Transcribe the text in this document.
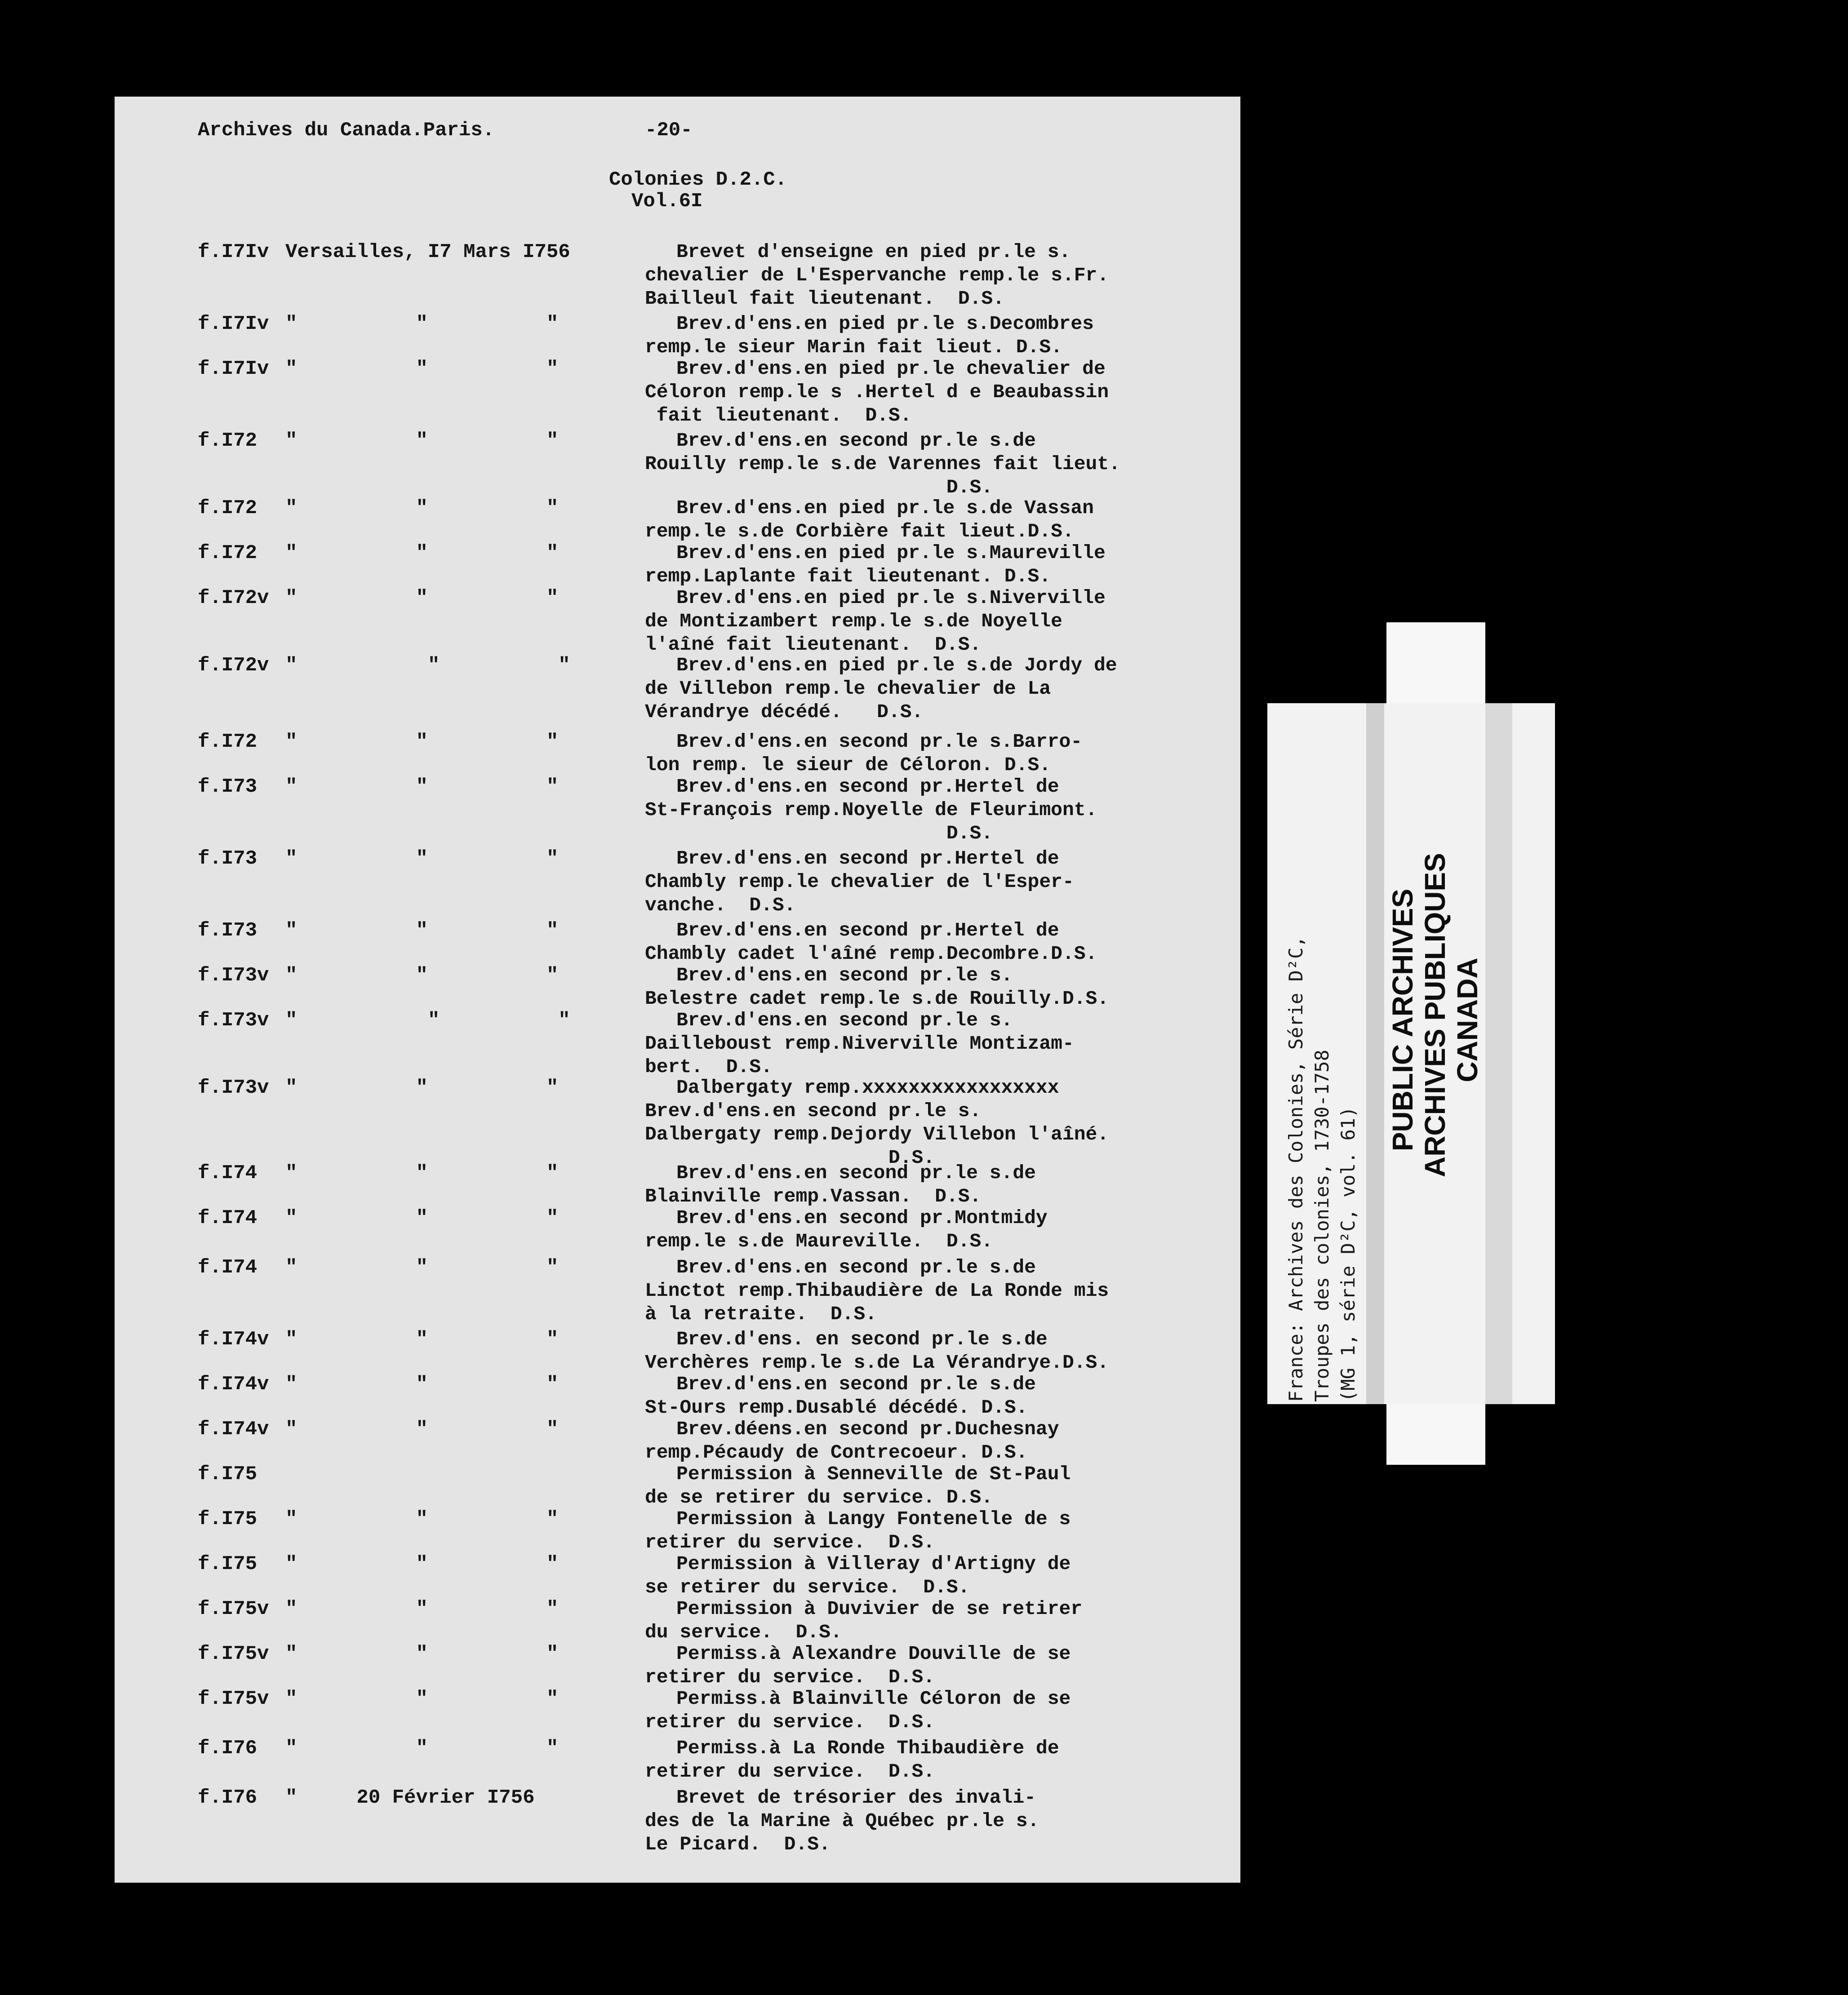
Archives du Canada.Paris.	-20-
Colonies D.2.C.
Vol.6I
f.I7Iv Versailles, I7 Mars I756	Brevet d'enseigne en pied pr.le s.
chevalier de L'Espervanche remp.le s.Fr.
Bailleul fait lieutenant.  D.S.
f.I7Iv "          "          "	Brev.d'ens.en pied pr.le s.Decombres
remp.le sieur Marin fait lieut. D.S.
f.I7Iv "          "          "	Brev.d'ens.en pied pr.le chevalier de
Céloron remp.le s .Hertel d e Beaubassin
fait lieutenant.  D.S.
f.I72 "          "          "	Brev.d'ens.en second pr.le s.de
Rouilly remp.le s.de Varennes fait lieut.
D.S.
f.I72 "          "          "	Brev.d'ens.en pied pr.le s.de Vassan
remp.le s.de Corbière fait lieut.D.S.
f.I72 "          "          "	Brev.d'ens.en pied pr.le s.Maureville
remp.Laplante fait lieutenant. D.S.
f.I72v "          "          "	Brev.d'ens.en pied pr.le s.Niverville
de Montizambert remp.le s.de Noyelle
l'aîné fait lieutenant.  D.S.
f.I72v "           "          "	Brev.d'ens.en pied pr.le s.de Jordy de
de Villebon remp.le chevalier de La
Vérandrye décédé.   D.S.
f.I72 "          "          "	Brev.d'ens.en second pr.le s.Barro-
lon remp. le sieur de Céloron. D.S.
f.I73 "          "          "	Brev.d'ens.en second pr.Hertel de
St-François remp.Noyelle de Fleurimont.
D.S.
f.I73 "          "          "	Brev.d'ens.en second pr.Hertel de
Chambly remp.le chevalier de l'Esper-
vanche.  D.S.
f.I73 "          "          "	Brev.d'ens.en second pr.Hertel de
Chambly cadet l'aîné remp.Decombre.D.S.
f.I73v "          "          "	Brev.d'ens.en second pr.le s.
Belestre cadet remp.le s.de Rouilly.D.S.
f.I73v "           "          "	Brev.d'ens.en second pr.le s.
Dailleboust remp.Niverville Montizam-
bert.  D.S.
f.I73v "          "          "	Dalbergaty remp.xxxxxxxxxxxxxxxxx
Brev.d'ens.en second pr.le s.
Dalbergaty remp.Dejordy Villebon l'aîné.
D.S.
f.I74 "          "          "	Brev.d'ens.en second pr.le s.de
Blainville remp.Vassan.  D.S.
f.I74 "          "          "	Brev.d'ens.en second pr.Montmidy
remp.le s.de Maureville.  D.S.
f.I74 "          "          "	Brev.d'ens.en second pr.le s.de
Linctot remp.Thibaudière de La Ronde mis
à la retraite.  D.S.
f.I74v "          "          "	Brev.d'ens. en second pr.le s.de
Verchères remp.le s.de La Vérandrye.D.S.
f.I74v "          "          "	Brev.d'ens.en second pr.le s.de
St-Ours remp.Dusablé décédé. D.S.
f.I74v "          "          "	Brev.déens.en second pr.Duchesnay
remp.Pécaudy de Contrecoeur. D.S.
f.I75	Permission à Senneville de St-Paul
de se retirer du service. D.S.
f.I75 "          "          "	Permission à Langy Fontenelle de s
retirer du service.  D.S.
f.I75 "          "          "	Permission à Villeray d'Artigny de
se retirer du service.  D.S.
f.I75v "          "          "	Permission à Duvivier de se retirer
du service.  D.S.
f.I75v "          "          "	Permiss.à Alexandre Douville de se
retirer du service.  D.S.
f.I75v "          "          "	Permiss.à Blainville Céloron de se
retirer du service.  D.S.
f.I76 "          "          "	Permiss.à La Ronde Thibaudière de
retirer du service.  D.S.
f.I76 "     20 Février I756	Brevet de trésorier des invali-
des de la Marine à Québec pr.le s.
Le Picard.  D.S.
France: Archives des Colonies, Série D²C, Troupes des colonies, 1730-1758 (MG 1, série D²C, vol. 61)
PUBLIC ARCHIVES ARCHIVES PUBLIQUES CANADA
